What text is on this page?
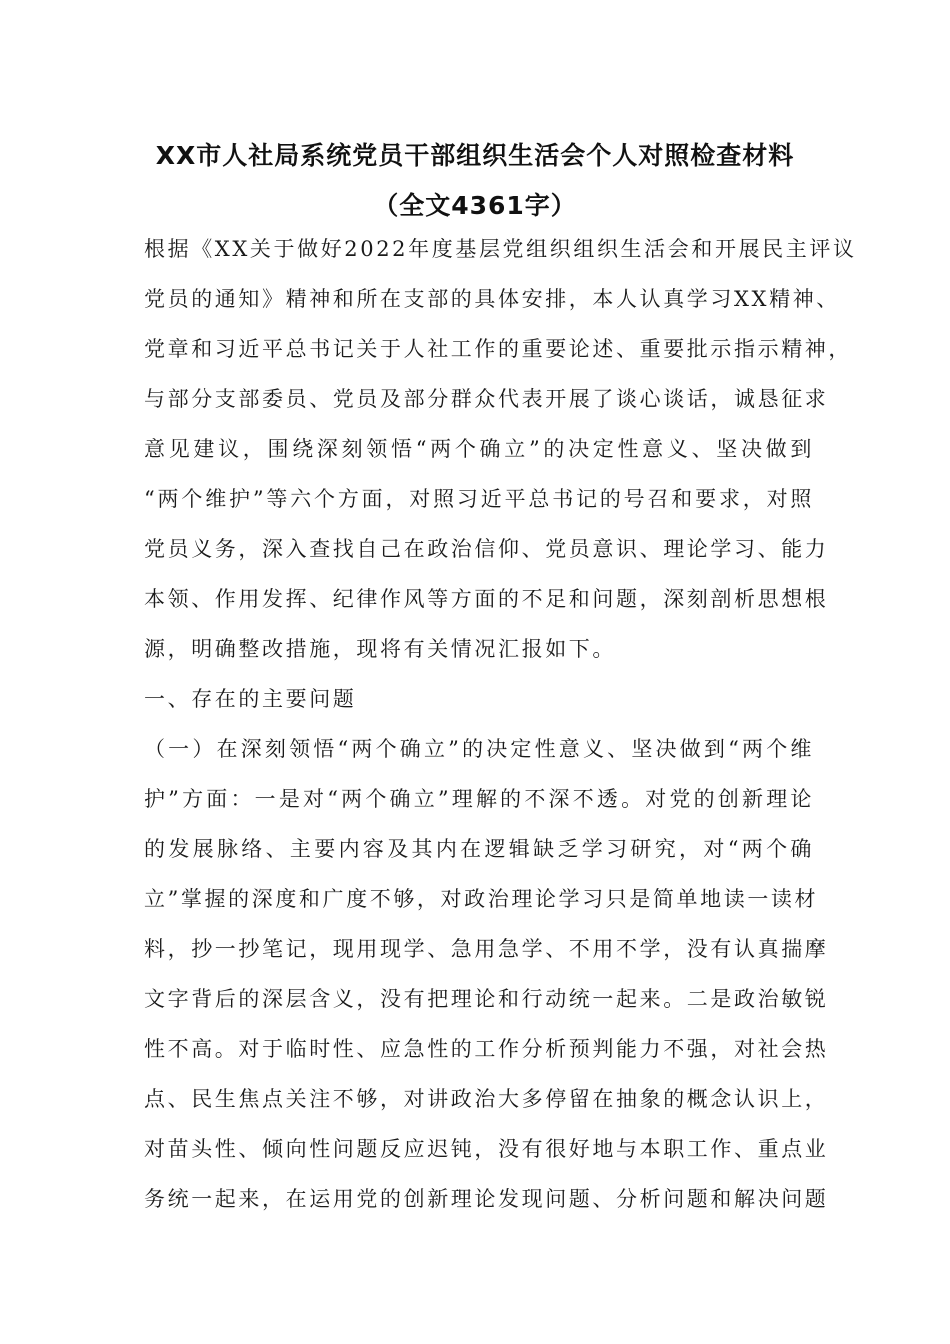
XX市人社局系统党员干部组织生活会个人对照检查材料
（全文4361字）
根据《XX关于做好2022年度基层党组织组织生活会和开展民主评议
党员的通知》精神和所在支部的具体安排，本人认真学习XX精神、
党章和习近平总书记关于人社工作的重要论述、重要批示指示精神，
与部分支部委员、党员及部分群众代表开展了谈心谈话，诚恳征求
意见建议，围绕深刻领悟“两个确立”的决定性意义、坚决做到
“两个维护”等六个方面，对照习近平总书记的号召和要求，对照
党员义务，深入查找自己在政治信仰、党员意识、理论学习、能力
本领、作用发挥、纪律作风等方面的不足和问题，深刻剖析思想根
源，明确整改措施，现将有关情况汇报如下。
一、存在的主要问题
（一）在深刻领悟“两个确立”的决定性意义、坚决做到“两个维
护”方面：一是对“两个确立”理解的不深不透。对党的创新理论
的发展脉络、主要内容及其内在逻辑缺乏学习研究，对“两个确
立”掌握的深度和广度不够，对政治理论学习只是简单地读一读材
料，抄一抄笔记，现用现学、急用急学、不用不学，没有认真揣摩
文字背后的深层含义，没有把理论和行动统一起来。二是政治敏锐
性不高。对于临时性、应急性的工作分析预判能力不强，对社会热
点、民生焦点关注不够，对讲政治大多停留在抽象的概念认识上，
对苗头性、倾向性问题反应迟钝，没有很好地与本职工作、重点业
务统一起来，在运用党的创新理论发现问题、分析问题和解决问题
